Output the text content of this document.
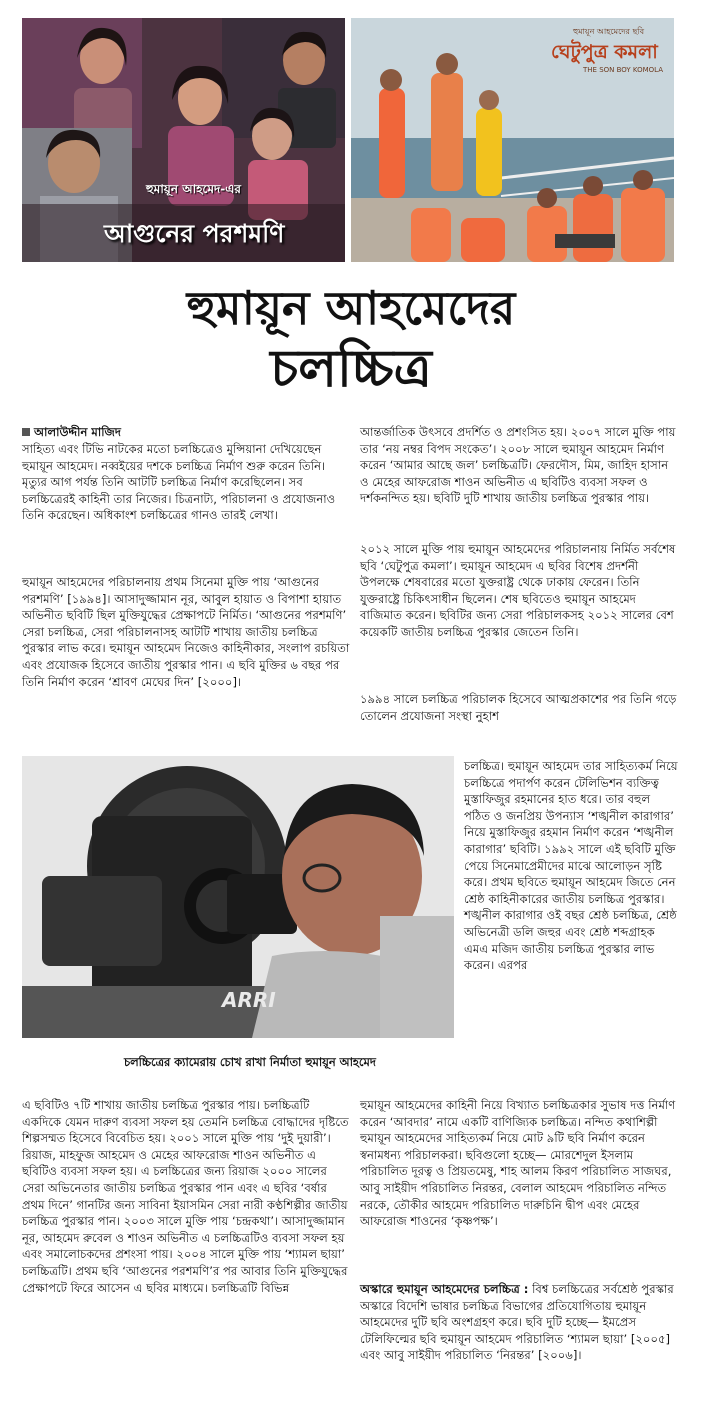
হুমায়ূন আহমেদ-এর
আগুনের পরশমণি
হুমায়ূন আহমেদের ছবি
ঘেটুপুত্র কমলা
THE SON BOY KOMOLA
হুমায়ূন আহমেদের
চলচ্চিত্র
আলাউদ্দীন মাজিদ

সাহিত্য এবং টিভি নাটকের মতো চলচ্চিত্রেও মুন্সিয়ানা দেখিয়েছেন হুমায়ূন আহমেদ। নব্বইয়ের দশকে চলচ্চিত্র নির্মাণ শুরু করেন তিনি। মৃত্যুর আগ পর্যন্ত তিনি আটটি চলচ্চিত্র নির্মাণ করেছিলেন। সব চলচ্চিত্রেরই কাহিনী তার নিজের। চিত্রনাট্য, পরিচালনা ও প্রযোজনাও তিনি করেছেন। অধিকাংশ চলচ্চিত্রের গানও তারই লেখা।

হুমায়ূন আহমেদের পরিচালনায় প্রথম সিনেমা মুক্তি পায় ‘আগুনের পরশমণি’ [১৯৯৪]। আসাদুজ্জামান নূর, আবুল হায়াত ও বিপাশা হায়াত অভিনীত ছবিটি ছিল মুক্তিযুদ্ধের প্রেক্ষাপটে নির্মিত। ‘আগুনের পরশমণি’ সেরা চলচ্চিত্র, সেরা পরিচালনাসহ আটটি শাখায় জাতীয় চলচ্চিত্র পুরস্কার লাভ করে। হুমায়ূন আহমেদ নিজেও কাহিনীকার, সংলাপ রচয়িতা এবং প্রযোজক হিসেবে জাতীয় পুরস্কার পান। এ ছবি মুক্তির ৬ বছর পর তিনি নির্মাণ করেন ‘শ্রাবণ মেঘের দিন’ [২০০০]।

আন্তর্জাতিক উৎসবে প্রদর্শিত ও প্রশংসিত হয়। ২০০৭ সালে মুক্তি পায় তার ‘নয় নম্বর বিপদ সংকেত’। ২০০৮ সালে হুমায়ূন আহমেদ নির্মাণ করেন ‘আমার আছে জল’ চলচ্চিত্রটি। ফেরদৌস, মিম, জাহিদ হাসান ও মেহের আফরোজ শাওন অভিনীত এ ছবিটিও ব্যবসা সফল ও দর্শকনন্দিত হয়। ছবিটি দুটি শাখায় জাতীয় চলচ্চিত্র পুরস্কার পায়।

২০১২ সালে মুক্তি পায় হুমায়ূন আহমেদের পরিচালনায় নির্মিত সর্বশেষ ছবি ‘ঘেটুপুত্র কমলা’। হুমায়ূন আহমেদ এ ছবির বিশেষ প্রদর্শনী উপলক্ষে শেষবারের মতো যুক্তরাষ্ট্র থেকে ঢাকায় ফেরেন। তিনি যুক্তরাষ্ট্রে চিকিৎসাধীন ছিলেন। শেষ ছবিতেও হুমায়ূন আহমেদ বাজিমাত করেন। ছবিটির জন্য সেরা পরিচালকসহ ২০১২ সালের বেশ কয়েকটি জাতীয় চলচ্চিত্র পুরস্কার জেতেন তিনি।

১৯৯৪ সালে চলচ্চিত্র পরিচালক হিসেবে আত্মপ্রকাশের পর তিনি গড়ে তোলেন প্রযোজনা সংস্থা নুহাশ

ARRI
চলচ্চিত্রের ক্যামেরায় চোখ রাখা নির্মাতা হুমায়ূন আহমেদ

চলচ্চিত্র। হুমায়ূন আহমেদ তার সাহিত্যকর্ম নিয়ে চলচ্চিত্রে পদার্পণ করেন টেলিভিশন ব্যক্তিত্ব মুস্তাফিজুর রহমানের হাত ধরে। তার বহুল পঠিত ও জনপ্রিয় উপন্যাস ‘শঙ্খনীল কারাগার’ নিয়ে মুস্তাফিজুর রহমান নির্মাণ করেন ‘শঙ্খনীল কারাগার’ ছবিটি। ১৯৯২ সালে এই ছবিটি মুক্তি পেয়ে সিনেমাপ্রেমীদের মাঝে আলোড়ন সৃষ্টি করে। প্রথম ছবিতে হুমায়ূন আহমেদ জিতে নেন শ্রেষ্ঠ কাহিনীকারের জাতীয় চলচ্চিত্র পুরস্কার। শঙ্খনীল কারাগার ওই বছর শ্রেষ্ঠ চলচ্চিত্র, শ্রেষ্ঠ অভিনেত্রী ডলি জহুর এবং শ্রেষ্ঠ শব্দগ্রাহক এমএ মজিদ জাতীয় চলচ্চিত্র পুরস্কার লাভ করেন। এরপর

এ ছবিটিও ৭টি শাখায় জাতীয় চলচ্চিত্র পুরস্কার পায়। চলচ্চিত্রটি একদিকে যেমন দারুণ ব্যবসা সফল হয় তেমনি চলচ্চিত্র বোদ্ধাদের দৃষ্টিতে শিল্পসম্মত হিসেবে বিবেচিত হয়। ২০০১ সালে মুক্তি পায় ‘দুই দুয়ারী’। রিয়াজ, মাহফুজ আহমেদ ও মেহের আফরোজ শাওন অভিনীত এ ছবিটিও ব্যবসা সফল হয়। এ চলচ্চিত্রের জন্য রিয়াজ ২০০০ সালের সেরা অভিনেতার জাতীয় চলচ্চিত্র পুরস্কার পান এবং এ ছবির ‘বর্ষার প্রথম দিনে’ গানটির জন্য সাবিনা ইয়াসমিন সেরা নারী কণ্ঠশিল্পীর জাতীয় চলচ্চিত্র পুরস্কার পান। ২০০৩ সালে মুক্তি পায় ‘চন্দ্রকথা’। আসাদুজ্জামান নূর, আহমেদ রুবেল ও শাওন অভিনীত এ চলচ্চিত্রটিও ব্যবসা সফল হয় এবং সমালোচকদের প্রশংসা পায়। ২০০৪ সালে মুক্তি পায় ‘শ্যামল ছায়া’ চলচ্চিত্রটি। প্রথম ছবি ‘আগুনের পরশমণি’র পর আবার তিনি মুক্তিযুদ্ধের প্রেক্ষাপটে ফিরে আসেন এ ছবির মাধ্যমে। চলচ্চিত্রটি বিভিন্ন

হুমায়ূন আহমেদের কাহিনী নিয়ে বিখ্যাত চলচ্চিত্রকার সুভাষ দত্ত নির্মাণ করেন ‘আবদার’ নামে একটি বাণিজ্যিক চলচ্চিত্র। নন্দিত কথাশিল্পী হুমায়ূন আহমেদের সাহিত্যকর্ম নিয়ে মোট ৯টি ছবি নির্মাণ করেন স্বনামধন্য পরিচালকরা। ছবিগুলো হচ্ছে— মোরশেদুল ইসলাম পরিচালিত দূরত্ব ও প্রিয়তমেষু, শাহ আলম কিরণ পরিচালিত সাজঘর, আবু সাইয়ীদ পরিচালিত নিরন্তর, বেলাল আহমেদ পরিচালিত নন্দিত নরকে, তৌকীর আহমেদ পরিচালিত দারুচিনি দ্বীপ এবং মেহের আফরোজ শাওনের ‘কৃষ্ণপক্ষ’।

অস্কারে হুমায়ূন আহমেদের চলচ্চিত্র : বিশ্ব চলচ্চিত্রের সর্বশ্রেষ্ঠ পুরস্কার অস্কারে বিদেশি ভাষার চলচ্চিত্র বিভাগের প্রতিযোগিতায় হুমায়ূন আহমেদের দুটি ছবি অংশগ্রহণ করে। ছবি দুটি হচ্ছে— ইমপ্রেস টেলিফিল্মের ছবি হুমায়ূন আহমেদ পরিচালিত ‘শ্যামল ছায়া’ [২০০৫] এবং আবু সাইয়ীদ পরিচালিত ‘নিরন্তর’ [২০০৬]।
